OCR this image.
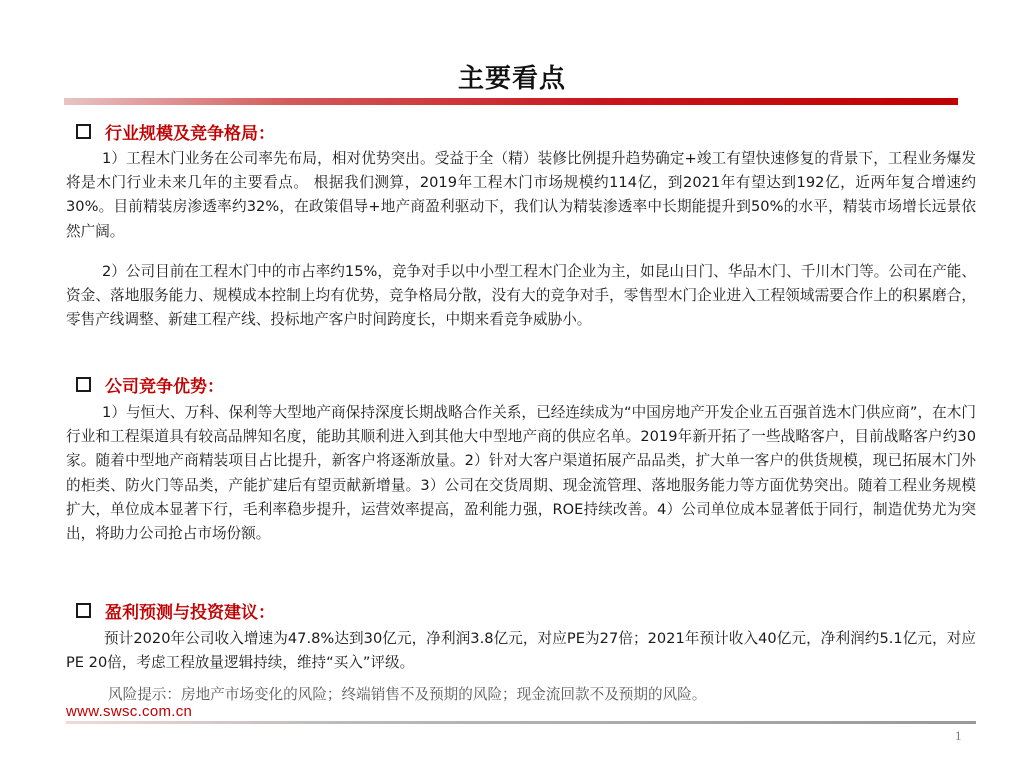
主要看点
行业规模及竞争格局：
1）工程木门业务在公司率先布局，相对优势突出。受益于全（精）装修比例提升趋势确定+竣工有望快速修复的背景下，工程业务爆发将是木门行业未来几年的主要看点。 根据我们测算，2019年工程木门市场规模约114亿，到2021年有望达到192亿，近两年复合增速约30%。目前精装房渗透率约32%，在政策倡导+地产商盈利驱动下，我们认为精装渗透率中长期能提升到50%的水平，精装市场增长远景依然广阔。
2）公司目前在工程木门中的市占率约15%，竞争对手以中小型工程木门企业为主，如昆山日门、华品木门、千川木门等。公司在产能、资金、落地服务能力、规模成本控制上均有优势，竞争格局分散，没有大的竞争对手，零售型木门企业进入工程领域需要合作上的积累磨合，零售产线调整、新建工程产线、投标地产客户时间跨度长，中期来看竞争威胁小。
公司竞争优势：
1）与恒大、万科、保利等大型地产商保持深度长期战略合作关系，已经连续成为“中国房地产开发企业五百强首选木门供应商”，在木门行业和工程渠道具有较高品牌知名度，能助其顺利进入到其他大中型地产商的供应名单。2019年新开拓了一些战略客户，目前战略客户约30家。随着中型地产商精装项目占比提升，新客户将逐渐放量。2）针对大客户渠道拓展产品品类，扩大单一客户的供货规模，现已拓展木门外的柜类、防火门等品类，产能扩建后有望贡献新增量。3）公司在交货周期、现金流管理、落地服务能力等方面优势突出。随着工程业务规模扩大，单位成本显著下行，毛利率稳步提升，运营效率提高，盈利能力强，ROE持续改善。4）公司单位成本显著低于同行，制造优势尤为突出，将助力公司抢占市场份额。
盈利预测与投资建议：
预计2020年公司收入增速为47.8%达到30亿元，净利润3.8亿元，对应PE为27倍；2021年预计收入40亿元，净利润约5.1亿元，对应PE 20倍，考虑工程放量逻辑持续，维持“买入”评级。
风险提示：房地产市场变化的风险；终端销售不及预期的风险；现金流回款不及预期的风险。
www.swsc.com.cn
1
